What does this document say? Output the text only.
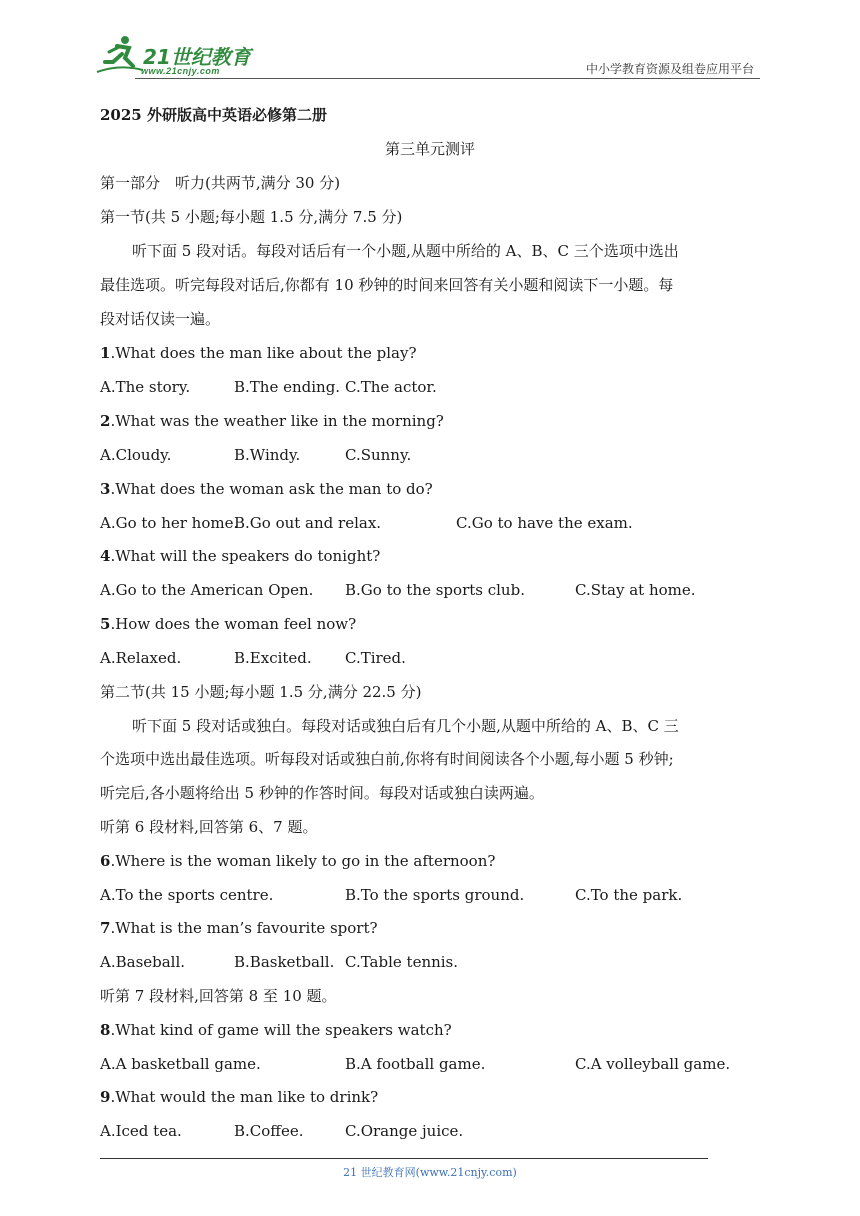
21世纪教育
www.21cnjy.com	中小学教育资源及组卷应用平台
2025 外研版高中英语必修第二册
第三单元测评
第一部分　听力(共两节,满分 30 分)
第一节(共 5 小题;每小题 1.5 分,满分 7.5 分)
听下面 5 段对话。每段对话后有一个小题,从题中所给的 A、B、C 三个选项中选出
最佳选项。听完每段对话后,你都有 10 秒钟的时间来回答有关小题和阅读下一小题。每
段对话仅读一遍。
1.What does the man like about the play?
A.The story.	B.The ending. C.The actor.
2.What was the weather like in the morning?
A.Cloudy.	B.Windy.	C.Sunny.
3.What does the woman ask the man to do?
A.Go to her home.
B.Go out and relax.	C.Go to have the exam.
4.What will the speakers do tonight?
A.Go to the American Open. B.Go to the sports club.	C.Stay at home.
5.How does the woman feel now?
A.Relaxed.	B.Excited. C.Tired.
第二节(共 15 小题;每小题 1.5 分,满分 22.5 分)
听下面 5 段对话或独白。每段对话或独白后有几个小题,从题中所给的 A、B、C 三
个选项中选出最佳选项。听每段对话或独白前,你将有时间阅读各个小题,每小题 5 秒钟;
听完后,各小题将给出 5 秒钟的作答时间。每段对话或独白读两遍。
听第 6 段材料,回答第 6、7 题。
6.Where is the woman likely to go in the afternoon?
A.To the sports centre.	B.To the sports ground.	C.To the park.
7.What is the man’s favourite sport?
A.Baseball.	B.Basketball. C.Table tennis.
听第 7 段材料,回答第 8 至 10 题。
8.What kind of game will the speakers watch?
A.A basketball game.	B.A football game.	C.A volleyball game.
9.What would the man like to drink?
A.Iced tea.	B.Coffee.	C.Orange juice.
21 世纪教育网(www.21cnjy.com)
